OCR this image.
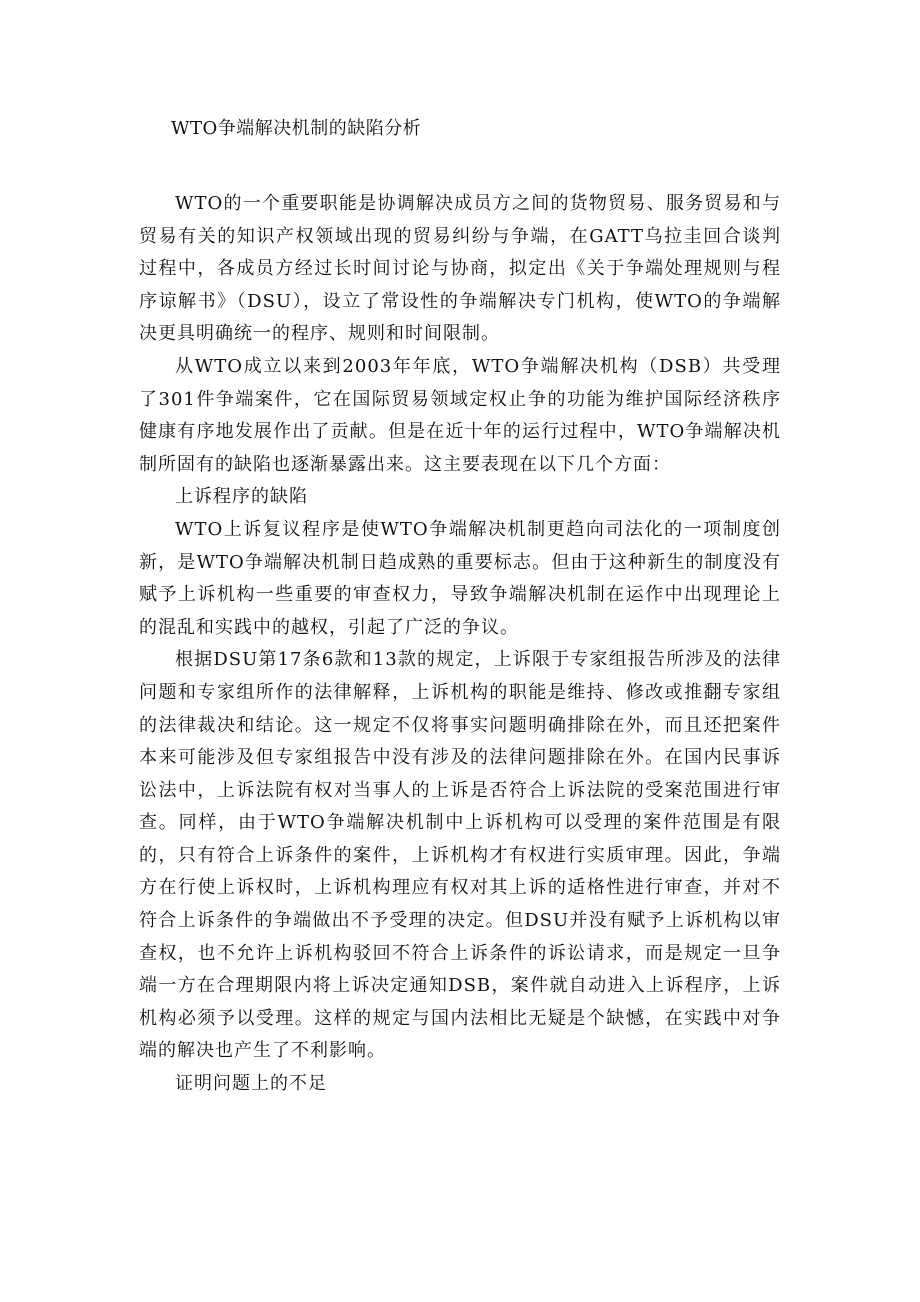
WTO争端解决机制的缺陷分析

WTO的一个重要职能是协调解决成员方之间的货物贸易、服务贸易和与贸易有关的知识产权领域出现的贸易纠纷与争端，在GATT乌拉圭回合谈判过程中，各成员方经过长时间讨论与协商，拟定出《关于争端处理规则与程序谅解书》（DSU），设立了常设性的争端解决专门机构，使WTO的争端解决更具明确统一的程序、规则和时间限制。

从WTO成立以来到2003年年底，WTO争端解决机构（DSB）共受理了301件争端案件，它在国际贸易领域定权止争的功能为维护国际经济秩序健康有序地发展作出了贡献。但是在近十年的运行过程中，WTO争端解决机制所固有的缺陷也逐渐暴露出来。这主要表现在以下几个方面：

上诉程序的缺陷

WTO上诉复议程序是使WTO争端解决机制更趋向司法化的一项制度创新，是WTO争端解决机制日趋成熟的重要标志。但由于这种新生的制度没有赋予上诉机构一些重要的审查权力，导致争端解决机制在运作中出现理论上的混乱和实践中的越权，引起了广泛的争议。

根据DSU第17条6款和13款的规定，上诉限于专家组报告所涉及的法律问题和专家组所作的法律解释，上诉机构的职能是维持、修改或推翻专家组的法律裁决和结论。这一规定不仅将事实问题明确排除在外，而且还把案件本来可能涉及但专家组报告中没有涉及的法律问题排除在外。在国内民事诉讼法中，上诉法院有权对当事人的上诉是否符合上诉法院的受案范围进行审查。同样，由于WTO争端解决机制中上诉机构可以受理的案件范围是有限的，只有符合上诉条件的案件，上诉机构才有权进行实质审理。因此，争端方在行使上诉权时，上诉机构理应有权对其上诉的适格性进行审查，并对不符合上诉条件的争端做出不予受理的决定。但DSU并没有赋予上诉机构以审查权，也不允许上诉机构驳回不符合上诉条件的诉讼请求，而是规定一旦争端一方在合理期限内将上诉决定通知DSB，案件就自动进入上诉程序，上诉机构必须予以受理。这样的规定与国内法相比无疑是个缺憾，在实践中对争端的解决也产生了不利影响。

证明问题上的不足
